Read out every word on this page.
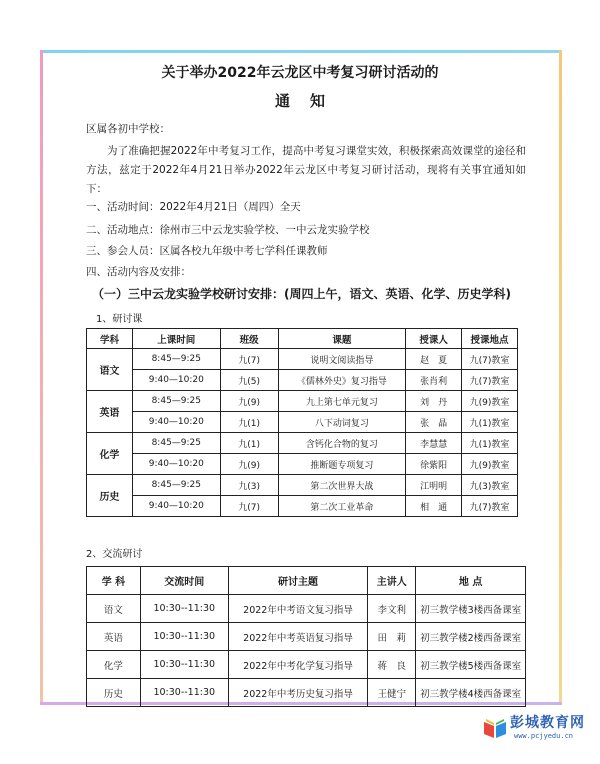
关于举办2022年云龙区中考复习研讨活动的
通知
区属各初中学校：
为了准确把握2022年中考复习工作，提高中考复习课堂实效，积极探索高效课堂的途径和方法，兹定于2022年4月21日举办2022年云龙区中考复习研讨活动，现将有关事宜通知如下：
一、活动时间：2022年4月21日（周四）全天
二、活动地点：徐州市三中云龙实验学校、一中云龙实验学校
三、参会人员：区属各校九年级中考七学科任课教师
四、活动内容及安排：
（一）三中云龙实验学校研讨安排：(周四上午，语文、英语、化学、历史学科)
1、研讨课
学科	上课时间	班级	课题	授课人	授课地点
语文	8:45—9:25	九(7)	说明文阅读指导	赵　夏	九(7)教室
	9:40—10:20	九(5)	《儒林外史》复习指导	张肖利	九(7)教室
英语	8:45—9:25	九(9)	九上第七单元复习	刘　丹	九(9)教室
	9:40—10:20	九(1)	八下动词复习	张　晶	九(1)教室
化学	8:45—9:25	九(1)	含钙化合物的复习	李慧慧	九(1)教室
	9:40—10:20	九(9)	推断题专项复习	徐紫阳	九(9)教室
历史	8:45—9:25	九(3)	第二次世界大战	江明明	九(3)教室
	9:40—10:20	九(7)	第二次工业革命	相　通	九(7)教室
2、交流研讨
学 科	交流时间	研讨主题	主讲人	地 点
语文	10:30--11:30	2022年中考语文复习指导	李文利	初三教学楼3楼西备课室
英语	10:30--11:30	2022年中考英语复习指导	田　莉	初三教学楼2楼西备课室
化学	10:30--11:30	2022年中考化学复习指导	蒋　良	初三教学楼5楼西备课室
历史	10:30--11:30	2022年中考历史复习指导	王健宁	初三教学楼4楼西备课室
彭城教育网
www.pcjyedu.cn
